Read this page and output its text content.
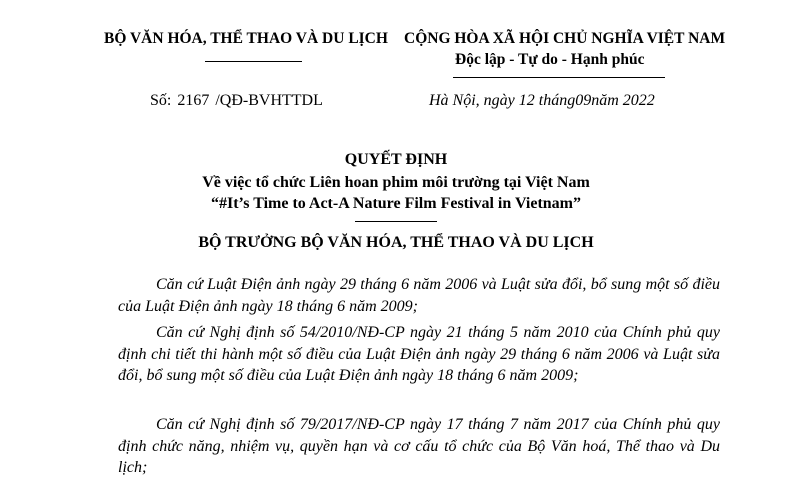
BỘ VĂN HÓA, THỂ THAO VÀ DU LỊCH CỘNG HÒA XÃ HỘI CHỦ NGHĨA VIỆT NAM
Độc lập - Tự do - Hạnh phúc
Số: 2167 /QĐ-BVHTTDL	Hà Nội, ngày 12 tháng09năm 2022
QUYẾT ĐỊNH
Về việc tổ chức Liên hoan phim môi trường tại Việt Nam
“#It’s Time to Act-A Nature Film Festival in Vietnam”
BỘ TRƯỞNG BỘ VĂN HÓA, THỂ THAO VÀ DU LỊCH
Căn cứ Luật Điện ảnh ngày 29 tháng 6 năm 2006 và Luật sửa đổi, bổ sung một số điều của Luật Điện ảnh ngày 18 tháng 6 năm 2009;
Căn cứ Nghị định số 54/2010/NĐ-CP ngày 21 tháng 5 năm 2010 của Chính phủ quy định chi tiết thi hành một số điều của Luật Điện ảnh ngày 29 tháng 6 năm 2006 và Luật sửa đổi, bổ sung một số điều của Luật Điện ảnh ngày 18 tháng 6 năm 2009;
Căn cứ Nghị định số 79/2017/NĐ-CP ngày 17 tháng 7 năm 2017 của Chính phủ quy định chức năng, nhiệm vụ, quyền hạn và cơ cấu tổ chức của Bộ Văn hoá, Thể thao và Du lịch;
